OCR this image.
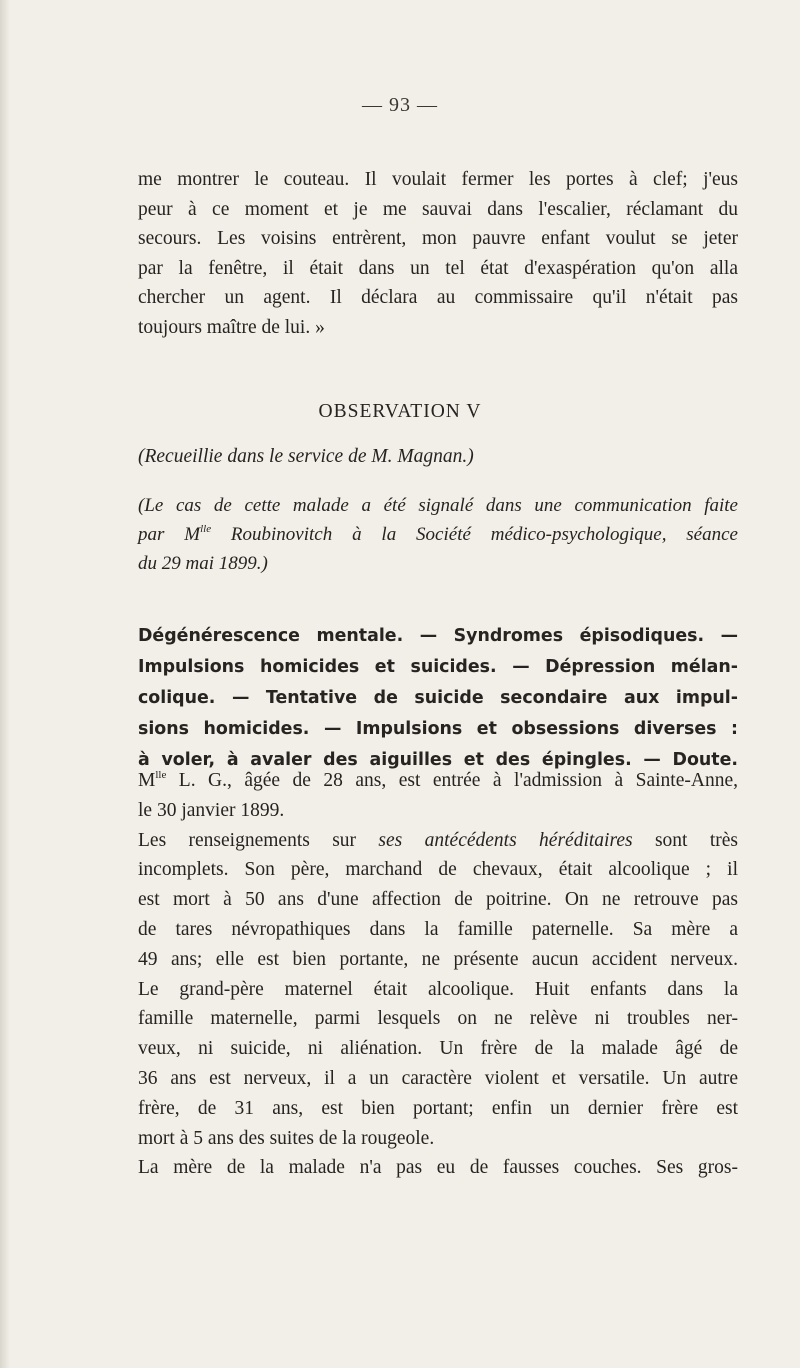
— 93 —
me montrer le couteau. Il voulait fermer les portes à clef; j'eus
peur à ce moment et je me sauvai dans l'escalier, réclamant du
secours. Les voisins entrèrent, mon pauvre enfant voulut se jeter
par la fenêtre, il était dans un tel état d'exaspération qu'on alla
chercher un agent. Il déclara au commissaire qu'il n'était pas
toujours maître de lui. »
OBSERVATION V
(Recueillie dans le service de M. Magnan.)
(Le cas de cette malade a été signalé dans une communication faite
par $M^{lle}$ Roubinovitch à la Société médico-psychologique, séance
du 29 mai 1899.)
Dégénérescence mentale. — Syndromes épisodiques. —
Impulsions homicides et suicides. — Dépression mélan-
colique. — Tentative de suicide secondaire aux impul-
sions homicides. — Impulsions et obsessions diverses :
à voler, à avaler des aiguilles et des épingles. — Doute.
$M^{lle}$ L. G., âgée de 28 ans, est entrée à l'admission à Sainte-Anne,
le 30 janvier 1899.
Les renseignements sur ses antécédents héréditaires sont très
incomplets. Son père, marchand de chevaux, était alcoolique ; il
est mort à 50 ans d'une affection de poitrine. On ne retrouve pas
de tares névropathiques dans la famille paternelle. Sa mère a
49 ans; elle est bien portante, ne présente aucun accident nerveux.
Le grand-père maternel était alcoolique. Huit enfants dans la
famille maternelle, parmi lesquels on ne relève ni troubles ner-
veux, ni suicide, ni aliénation. Un frère de la malade âgé de
36 ans est nerveux, il a un caractère violent et versatile. Un autre
frère, de 31 ans, est bien portant; enfin un dernier frère est
mort à 5 ans des suites de la rougeole.
La mère de la malade n'a pas eu de fausses couches. Ses gros-
